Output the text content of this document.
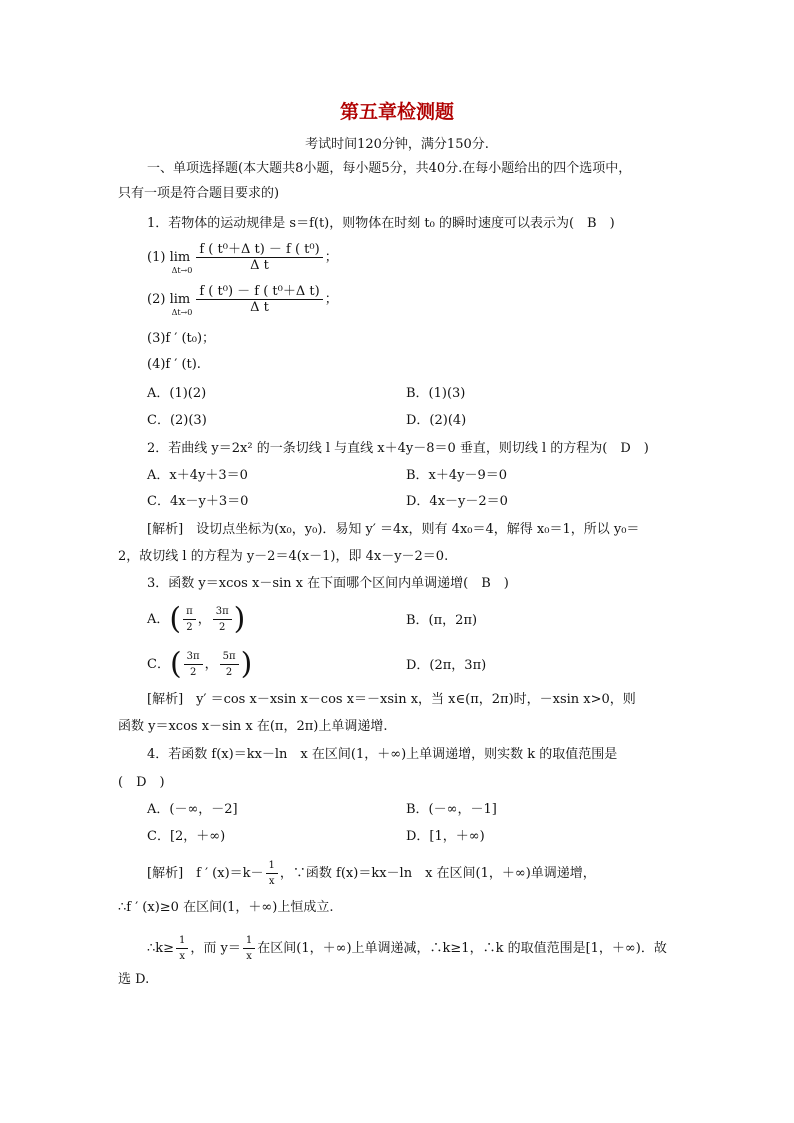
第五章检测题
考试时间120分钟，满分150分.
一、单项选择题(本大题共8小题，每小题5分，共40分.在每小题给出的四个选项中，
只有一项是符合题目要求的)
1．若物体的运动规律是 s＝f(t)，则物体在时刻 t₀ 的瞬时速度可以表示为(　B　)
(1) lim
Δt→0
$\frac{\text{f ( t⁰＋Δ t) － f ( t⁰)}}{\text{Δ t}}$ ；
(2) lim
Δt→0
$\frac{\text{f ( t⁰) － f ( t⁰＋Δ t)}}{\text{Δ t}}$ ；
(3)f ′ (t₀)；
(4)f ′ (t).
A．(1)(2)	B．(1)(3)
C．(2)(3)	D．(2)(4)
2．若曲线 y＝2x² 的一条切线 l 与直线 x＋4y－8＝0 垂直，则切线 l 的方程为(　D　)
A．x＋4y＋3＝0	B．x＋4y－9＝0
C．4x－y＋3＝0	D．4x－y－2＝0
[解析]　设切点坐标为(x₀，y₀)．易知 y′ ＝4x，则有 4x₀＝4，解得 x₀＝1，所以 y₀＝
2，故切线 l 的方程为 y－2＝4(x－1)，即 4x－y－2＝0.
3．函数 y＝xcos x－sin x 在下面哪个区间内单调递增(　B　)
A．( $\frac{\pi}{2}$ ， $\frac{3\pi}{2}$ )	B．(π，2π)
C．( $\frac{3\pi}{2}$ ， $\frac{5\pi}{2}$ )	D．(2π，3π)
[解析]　y′ ＝cos x－xsin x－cos x＝－xsin x，当 x∈(π，2π)时，－xsin x>0，则
函数 y＝xcos x－sin x 在(π，2π)上单调递增.
4．若函数 f(x)＝kx－ln　x 在区间(1，＋∞)上单调递增，则实数 k 的取值范围是
(　D　)
A．(－∞，－2]	B．(－∞，－1]
C．[2，＋∞)	D．[1，＋∞)
[解析]　f ′ $(x)=k- \frac{1}{x}$ ，∵函数 f(x)＝kx－ln　x 在区间(1，＋∞)单调递增，
∴f ′ (x)≥0 在区间(1，＋∞)上恒成立.
∴k≥ $\frac{1}{x}$ ，而 $y= \frac{1}{x}$ 在区间(1，＋∞)上单调递减，∴k≥1，∴k 的取值范围是[1，＋∞)．故
选 D.
